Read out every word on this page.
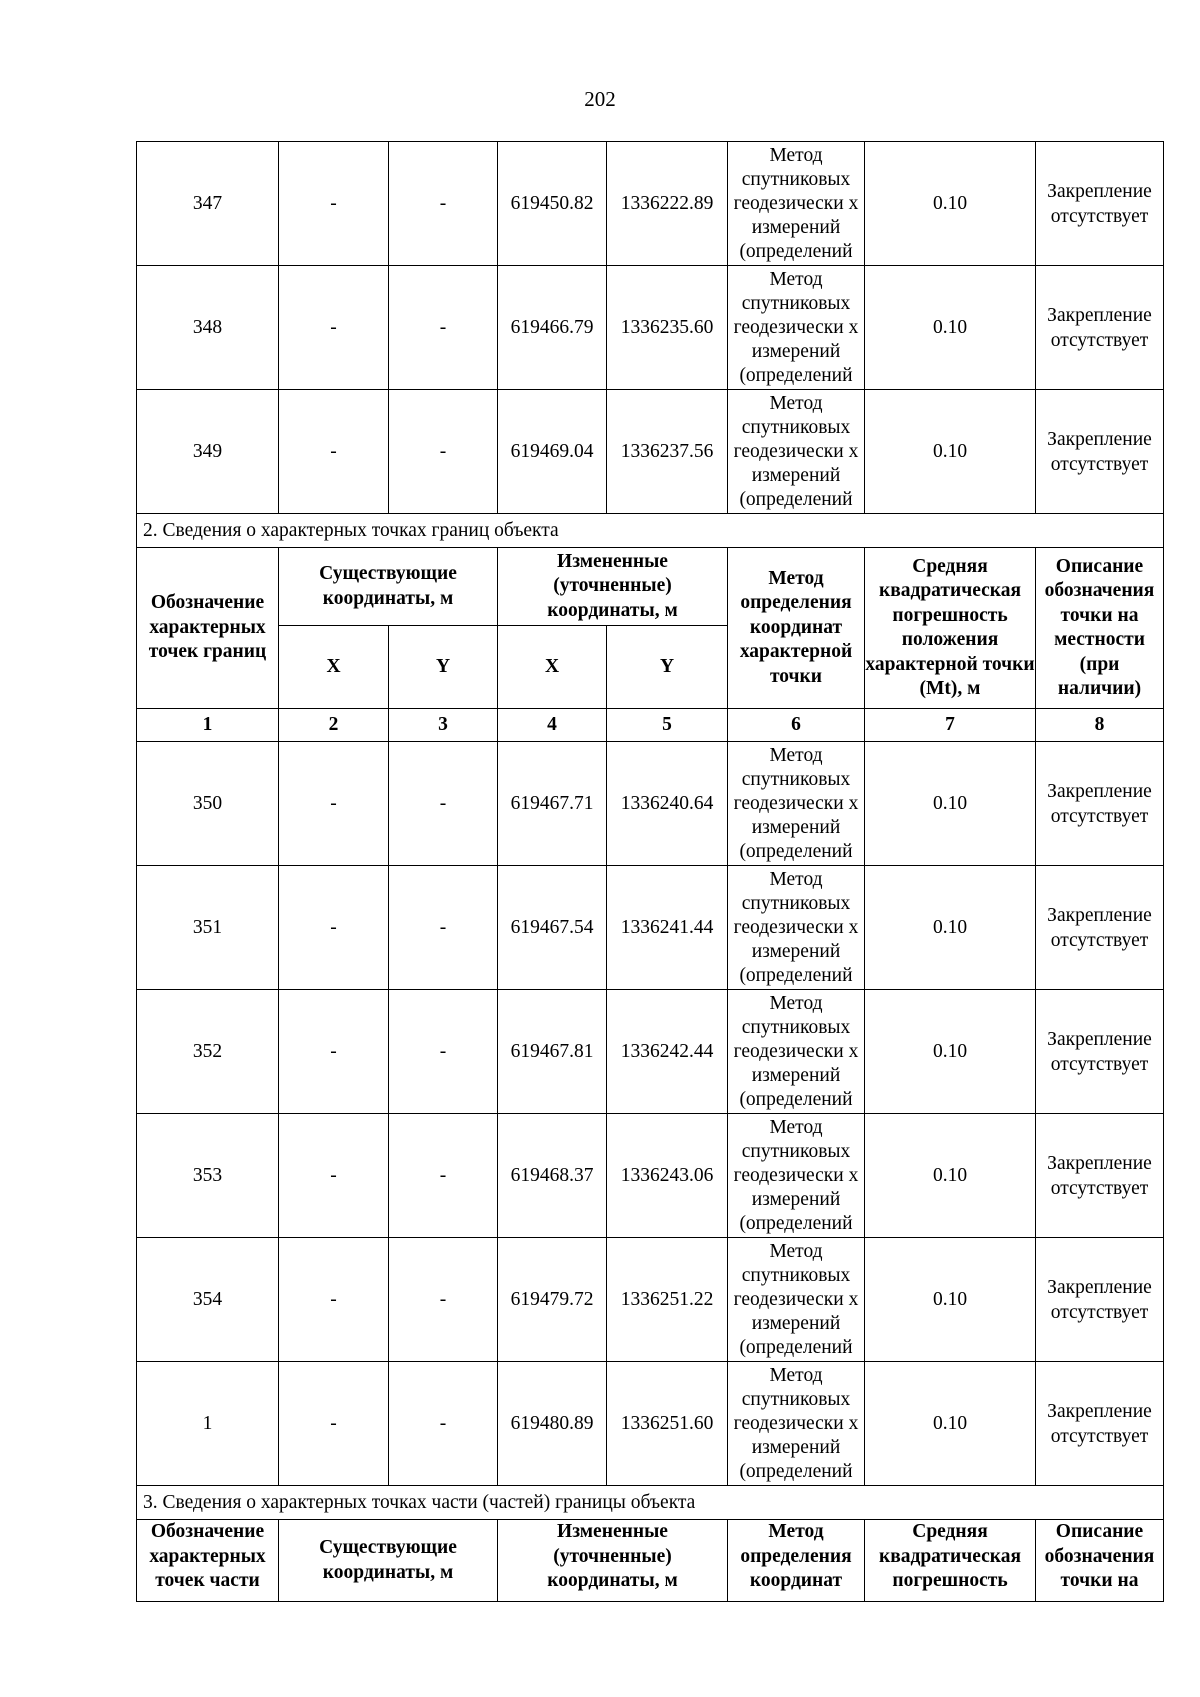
202
347	-	-	619450.82	1336222.89	Метод спутниковых геодезически х измерений (определений	0.10	Закрепление отсутствует
348	-	-	619466.79	1336235.60	Метод спутниковых геодезически х измерений (определений	0.10	Закрепление отсутствует
349	-	-	619469.04	1336237.56	Метод спутниковых геодезически х измерений (определений	0.10	Закрепление отсутствует
2. Сведения о характерных точках границ объекта							
Обозначение характерных точек границ	Существующие координаты, м		Измененные (уточненные) координаты, м		Метод определения координат характерной точки	Средняя квадратическая погрешность положения характерной точки (Mt), м	Описание обозначения точки на местности (при наличии)
	X	Y	X	Y			
1	2	3	4	5	6	7	8
350	-	-	619467.71	1336240.64	Метод спутниковых геодезически х измерений (определений	0.10	Закрепление отсутствует
351	-	-	619467.54	1336241.44	Метод спутниковых геодезически х измерений (определений	0.10	Закрепление отсутствует
352	-	-	619467.81	1336242.44	Метод спутниковых геодезически х измерений (определений	0.10	Закрепление отсутствует
353	-	-	619468.37	1336243.06	Метод спутниковых геодезически х измерений (определений	0.10	Закрепление отсутствует
354	-	-	619479.72	1336251.22	Метод спутниковых геодезически х измерений (определений	0.10	Закрепление отсутствует
1	-	-	619480.89	1336251.60	Метод спутниковых геодезически х измерений (определений	0.10	Закрепление отсутствует
3. Сведения о характерных точках части (частей) границы объекта							
Обозначение характерных точек части	Существующие координаты, м		Измененные (уточненные) координаты, м		Метод определения координат	Средняя квадратическая погрешность	Описание обозначения точки на
